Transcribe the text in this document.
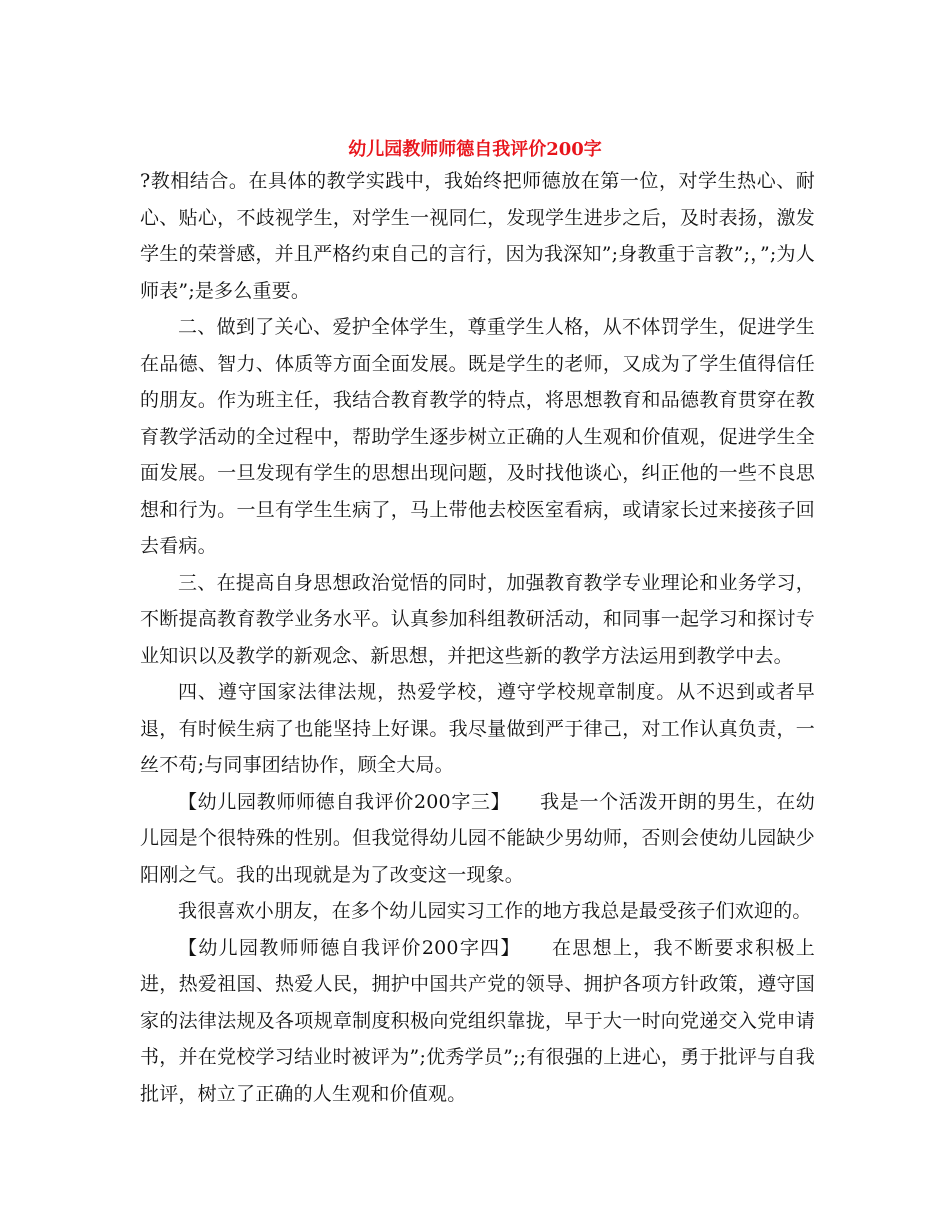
幼儿园教师师德自我评价200字

?教相结合。在具体的教学实践中，我始终把师德放在第一位，对学生热心、耐心、贴心，不歧视学生，对学生一视同仁，发现学生进步之后，及时表扬，激发学生的荣誉感，并且严格约束自己的言行，因为我深知”;身教重于言教”;，”;为人师表”;是多么重要。

二、做到了关心、爱护全体学生，尊重学生人格，从不体罚学生，促进学生在品德、智力、体质等方面全面发展。既是学生的老师，又成为了学生值得信任的朋友。作为班主任，我结合教育教学的特点，将思想教育和品德教育贯穿在教育教学活动的全过程中，帮助学生逐步树立正确的人生观和价值观，促进学生全面发展。一旦发现有学生的思想出现问题，及时找他谈心，纠正他的一些不良思想和行为。一旦有学生生病了，马上带他去校医室看病，或请家长过来接孩子回去看病。

三、在提高自身思想政治觉悟的同时，加强教育教学专业理论和业务学习，不断提高教育教学业务水平。认真参加科组教研活动，和同事一起学习和探讨专业知识以及教学的新观念、新思想，并把这些新的教学方法运用到教学中去。

四、遵守国家法律法规，热爱学校，遵守学校规章制度。从不迟到或者早退，有时候生病了也能坚持上好课。我尽量做到严于律己，对工作认真负责，一丝不苟;与同事团结协作，顾全大局。

【幼儿园教师师德自我评价200字三】　　我是一个活泼开朗的男生，在幼儿园是个很特殊的性别。但我觉得幼儿园不能缺少男幼师，否则会使幼儿园缺少阳刚之气。我的出现就是为了改变这一现象。

我很喜欢小朋友，在多个幼儿园实习工作的地方我总是最受孩子们欢迎的。

【幼儿园教师师德自我评价200字四】　　在思想上，我不断要求积极上进，热爱祖国、热爱人民，拥护中国共产党的领导、拥护各项方针政策，遵守国家的法律法规及各项规章制度积极向党组织靠拢，早于大一时向党递交入党申请书，并在党校学习结业时被评为”;优秀学员”;;有很强的上进心，勇于批评与自我批评，树立了正确的人生观和价值观。
